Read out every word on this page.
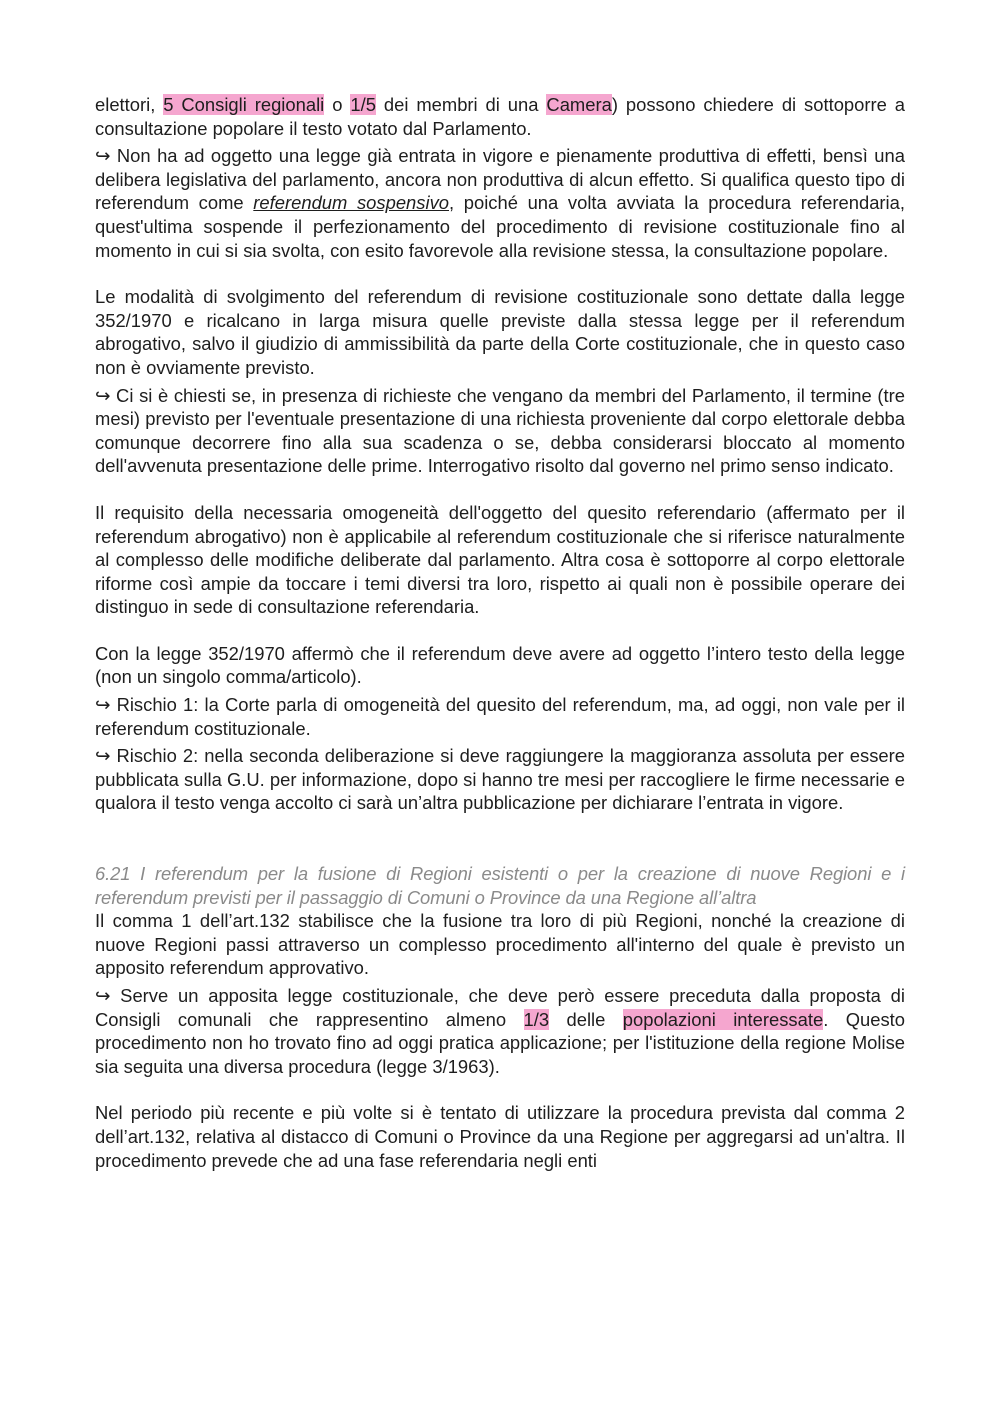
elettori, 5 Consigli regionali o 1/5 dei membri di una Camera) possono chiedere di sottoporre a consultazione popolare il testo votato dal Parlamento.

↪ Non ha ad oggetto una legge già entrata in vigore e pienamente produttiva di effetti, bensì una delibera legislativa del parlamento, ancora non produttiva di alcun effetto. Si qualifica questo tipo di referendum come referendum sospensivo, poiché una volta avviata la procedura referendaria, quest'ultima sospende il perfezionamento del procedimento di revisione costituzionale fino al momento in cui si sia svolta, con esito favorevole alla revisione stessa, la consultazione popolare.

Le modalità di svolgimento del referendum di revisione costituzionale sono dettate dalla legge 352/1970 e ricalcano in larga misura quelle previste dalla stessa legge per il referendum abrogativo, salvo il giudizio di ammissibilità da parte della Corte costituzionale, che in questo caso non è ovviamente previsto.

↪ Ci si è chiesti se, in presenza di richieste che vengano da membri del Parlamento, il termine (tre mesi) previsto per l'eventuale presentazione di una richiesta proveniente dal corpo elettorale debba comunque decorrere fino alla sua scadenza o se, debba considerarsi bloccato al momento dell'avvenuta presentazione delle prime. Interrogativo risolto dal governo nel primo senso indicato.

Il requisito della necessaria omogeneità dell'oggetto del quesito referendario (affermato per il referendum abrogativo) non è applicabile al referendum costituzionale che si riferisce naturalmente al complesso delle modifiche deliberate dal parlamento. Altra cosa è sottoporre al corpo elettorale riforme così ampie da toccare i temi diversi tra loro, rispetto ai quali non è possibile operare dei distinguo in sede di consultazione referendaria.

Con la legge 352/1970 affermò che il referendum deve avere ad oggetto l’intero testo della legge (non un singolo comma/articolo).

↪ Rischio 1: la Corte parla di omogeneità del quesito del referendum, ma, ad oggi, non vale per il referendum costituzionale.

↪ Rischio 2: nella seconda deliberazione si deve raggiungere la maggioranza assoluta per essere pubblicata sulla G.U. per informazione, dopo si hanno tre mesi per raccogliere le firme necessarie e qualora il testo venga accolto ci sarà un’altra pubblicazione per dichiarare l’entrata in vigore.

6.21 I referendum per la fusione di Regioni esistenti o per la creazione di nuove Regioni e i referendum previsti per il passaggio di Comuni o Province da una Regione all’altra

Il comma 1 dell’art.132 stabilisce che la fusione tra loro di più Regioni, nonché la creazione di nuove Regioni passi attraverso un complesso procedimento all'interno del quale è previsto un apposito referendum approvativo.

↪ Serve un apposita legge costituzionale, che deve però essere preceduta dalla proposta di Consigli comunali che rappresentino almeno 1/3 delle popolazioni interessate. Questo procedimento non ho trovato fino ad oggi pratica applicazione; per l'istituzione della regione Molise sia seguita una diversa procedura (legge 3/1963).

Nel periodo più recente e più volte si è tentato di utilizzare la procedura prevista dal comma 2 dell’art.132, relativa al distacco di Comuni o Province da una Regione per aggregarsi ad un'altra. Il procedimento prevede che ad una fase referendaria negli enti
